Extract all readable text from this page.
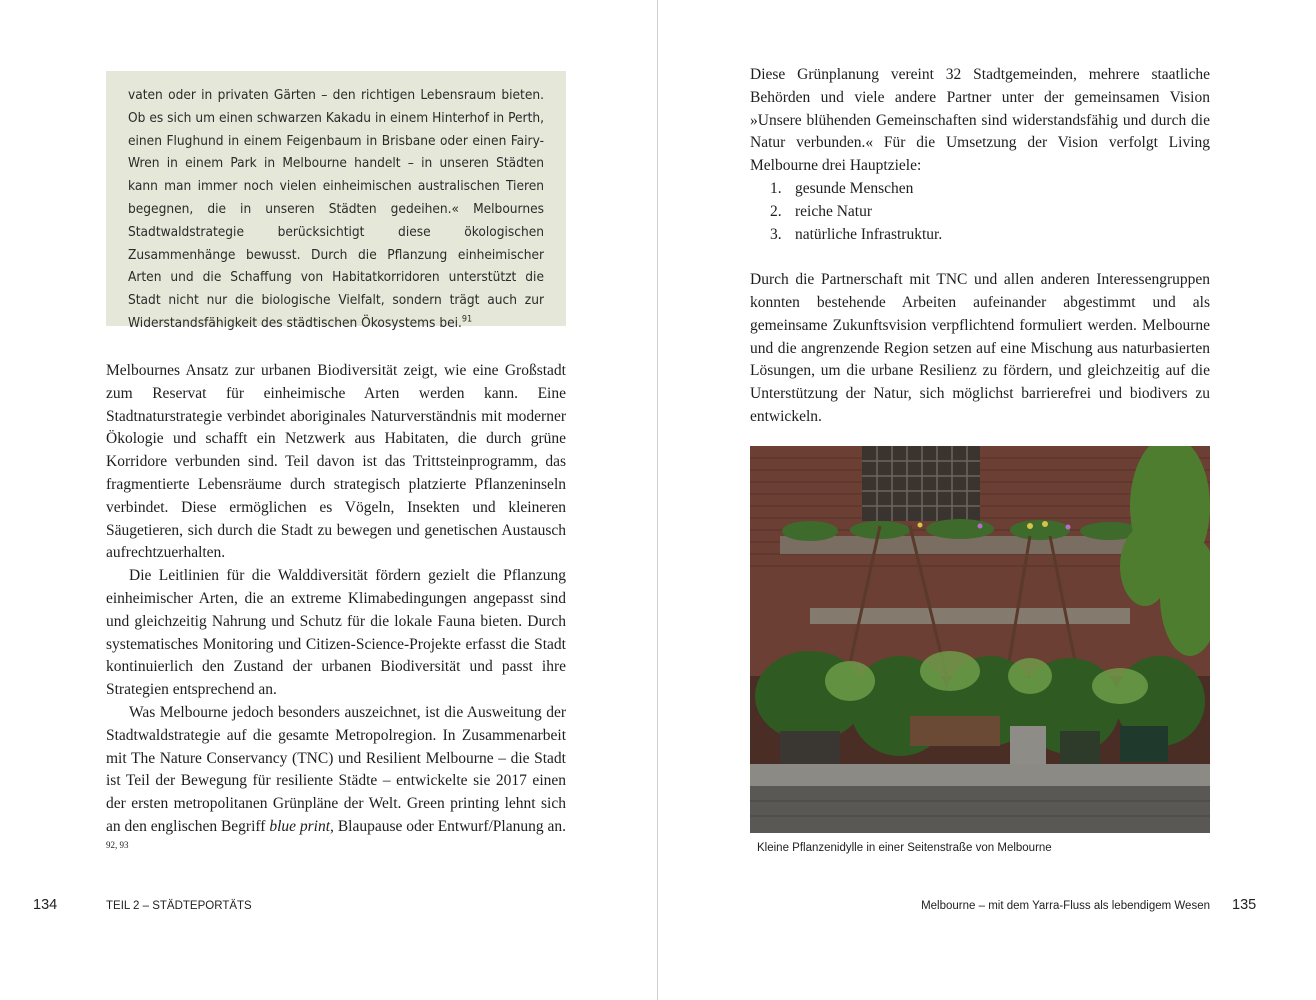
vaten oder in privaten Gärten – den richtigen Lebensraum bieten. Ob es sich um einen schwarzen Kakadu in einem Hinterhof in Perth, einen Flughund in einem Feigenbaum in Brisbane oder einen Fairy-Wren in einem Park in Melbourne handelt – in unseren Städten kann man immer noch vielen einheimischen australischen Tieren begegnen, die in unseren Städten gedeihen.« Melbournes Stadtwaldstrategie berücksichtigt diese ökologischen Zusammenhänge bewusst. Durch die Pflanzung einheimischer Arten und die Schaffung von Habitatkorridoren unterstützt die Stadt nicht nur die biologische Vielfalt, sondern trägt auch zur Widerstandsfähigkeit des städtischen Ökosystems bei.$^{91}$

Melbournes Ansatz zur urbanen Biodiversität zeigt, wie eine Großstadt zum Reservat für einheimische Arten werden kann. Eine Stadtnaturstrategie verbindet aboriginales Naturverständnis mit moderner Ökologie und schafft ein Netzwerk aus Habitaten, die durch grüne Korridore verbunden sind. Teil davon ist das Trittsteinprogramm, das fragmentierte Lebensräume durch strategisch platzierte Pflanzeninseln verbindet. Diese ermöglichen es Vögeln, Insekten und kleineren Säugetieren, sich durch die Stadt zu bewegen und genetischen Austausch aufrechtzuerhalten.

Die Leitlinien für die Walddiversität fördern gezielt die Pflanzung einheimischer Arten, die an extreme Klimabedingungen angepasst sind und gleichzeitig Nahrung und Schutz für die lokale Fauna bieten. Durch systematisches Monitoring und Citizen-Science-Projekte erfasst die Stadt kontinuierlich den Zustand der urbanen Biodiversität und passt ihre Strategien entsprechend an.

Was Melbourne jedoch besonders auszeichnet, ist die Ausweitung der Stadtwaldstrategie auf die gesamte Metropolregion. In Zusammenarbeit mit The Nature Conservancy (TNC) und Resilient Melbourne – die Stadt ist Teil der Bewegung für resiliente Städte – entwickelte sie 2017 einen der ersten metropolitanen Grünpläne der Welt. Green printing lehnt sich an den englischen Begriff blue print, Blaupause oder Entwurf/Planung an. $^{92, 93}$

134	TEIL 2 – STÄDTEPORTÄTS

Diese Grünplanung vereint 32 Stadtgemeinden, mehrere staatliche Behörden und viele andere Partner unter der gemeinsamen Vision »Unsere blühenden Gemeinschaften sind widerstandsfähig und durch die Natur verbunden.« Für die Umsetzung der Vision verfolgt Living Melbourne drei Hauptziele:

1. gesunde Menschen
2. reiche Natur
3. natürliche Infrastruktur.

Durch die Partnerschaft mit TNC und allen anderen Interessengruppen konnten bestehende Arbeiten aufeinander abgestimmt und als gemeinsame Zukunftsvision verpflichtend formuliert werden. Melbourne und die angrenzende Region setzen auf eine Mischung aus naturbasierten Lösungen, um die urbane Resilienz zu fördern, und gleichzeitig auf die Unterstützung der Natur, sich möglichst barrierefrei und biodivers zu entwickeln.

Kleine Pflanzenidylle in einer Seitenstraße von Melbourne
Melbourne – mit dem Yarra-Fluss als lebendigem Wesen 135
